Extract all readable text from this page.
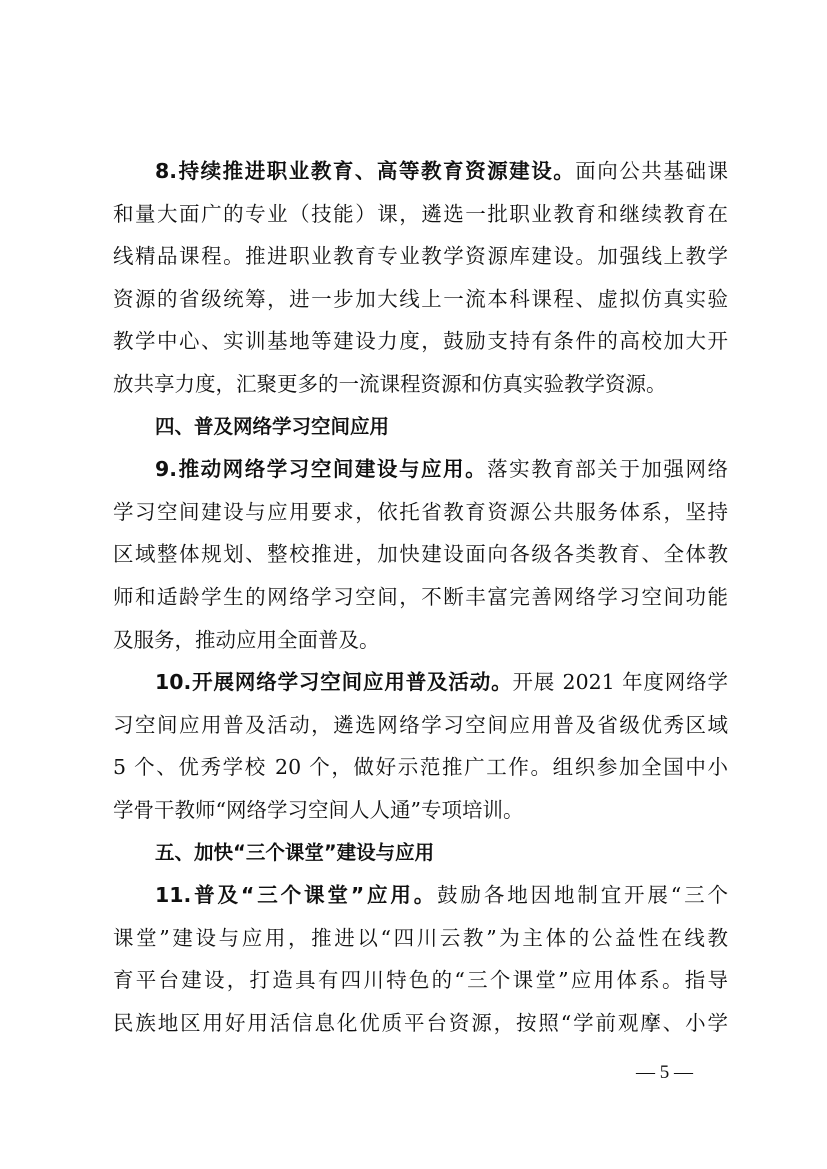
8.持续推进职业教育、高等教育资源建设。面向公共基础课
和量大面广的专业（技能）课，遴选一批职业教育和继续教育在
线精品课程。推进职业教育专业教学资源库建设。加强线上教学
资源的省级统筹，进一步加大线上一流本科课程、虚拟仿真实验
教学中心、实训基地等建设力度，鼓励支持有条件的高校加大开
放共享力度，汇聚更多的一流课程资源和仿真实验教学资源。
四、普及网络学习空间应用
9.推动网络学习空间建设与应用。落实教育部关于加强网络
学习空间建设与应用要求，依托省教育资源公共服务体系，坚持
区域整体规划、整校推进，加快建设面向各级各类教育、全体教
师和适龄学生的网络学习空间，不断丰富完善网络学习空间功能
及服务，推动应用全面普及。
10.开展网络学习空间应用普及活动。开展 2021 年度网络学
习空间应用普及活动，遴选网络学习空间应用普及省级优秀区域
5 个、优秀学校 20 个，做好示范推广工作。组织参加全国中小
学骨干教师“网络学习空间人人通”专项培训。
五、加快“三个课堂”建设与应用
11.普及“三个课堂”应用。鼓励各地因地制宜开展“三个
课堂”建设与应用，推进以“四川云教”为主体的公益性在线教
育平台建设，打造具有四川特色的“三个课堂”应用体系。指导
民族地区用好用活信息化优质平台资源，按照“学前观摩、小学
— 5 —
